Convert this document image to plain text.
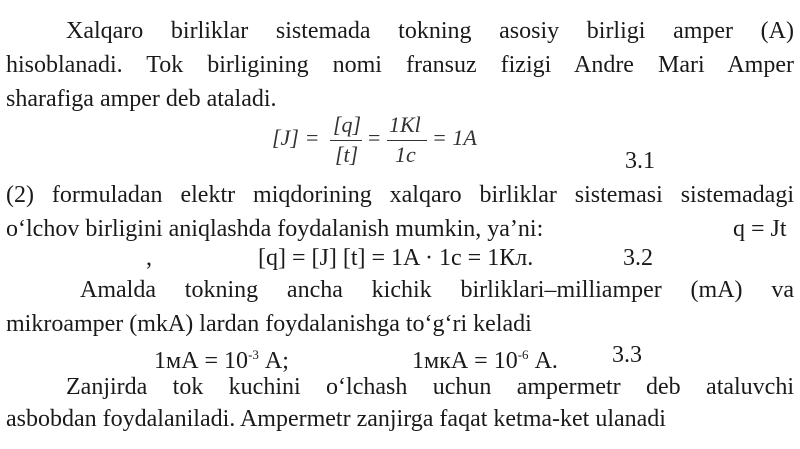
Xalqaro birliklar sistemada tokning asosiy birligi amper (A)
hisoblanadi. Tok birligining nomi fransuz fizigi Andre Mari Amper
sharafiga amper deb ataladi.
[J] =
[q]
[t]
=
1Kl
1c
= 1A
3.1
(2) formuladan elektr miqdorining xalqaro birliklar sistemasi sistemadagi
o‘lchov birligini aniqlashda foydalanish mumkin, ya’ni:	q = Jt
,	[q] = [J] [t] = 1A · 1c = 1Кл.	3.2
Amalda tokning ancha kichik birliklari–milliamper (mA) va
mikroamper (mkA) lardan foydalanishga to‘g‘ri keladi
$1мА = 10^{-3}$ A;	$1мкА = 10^{-6}$ A. 3.3
Zanjirda tok kuchini o‘lchash uchun ampermetr deb ataluvchi
asbobdan foydalaniladi. Ampermetr zanjirga faqat ketma-ket ulanadi
